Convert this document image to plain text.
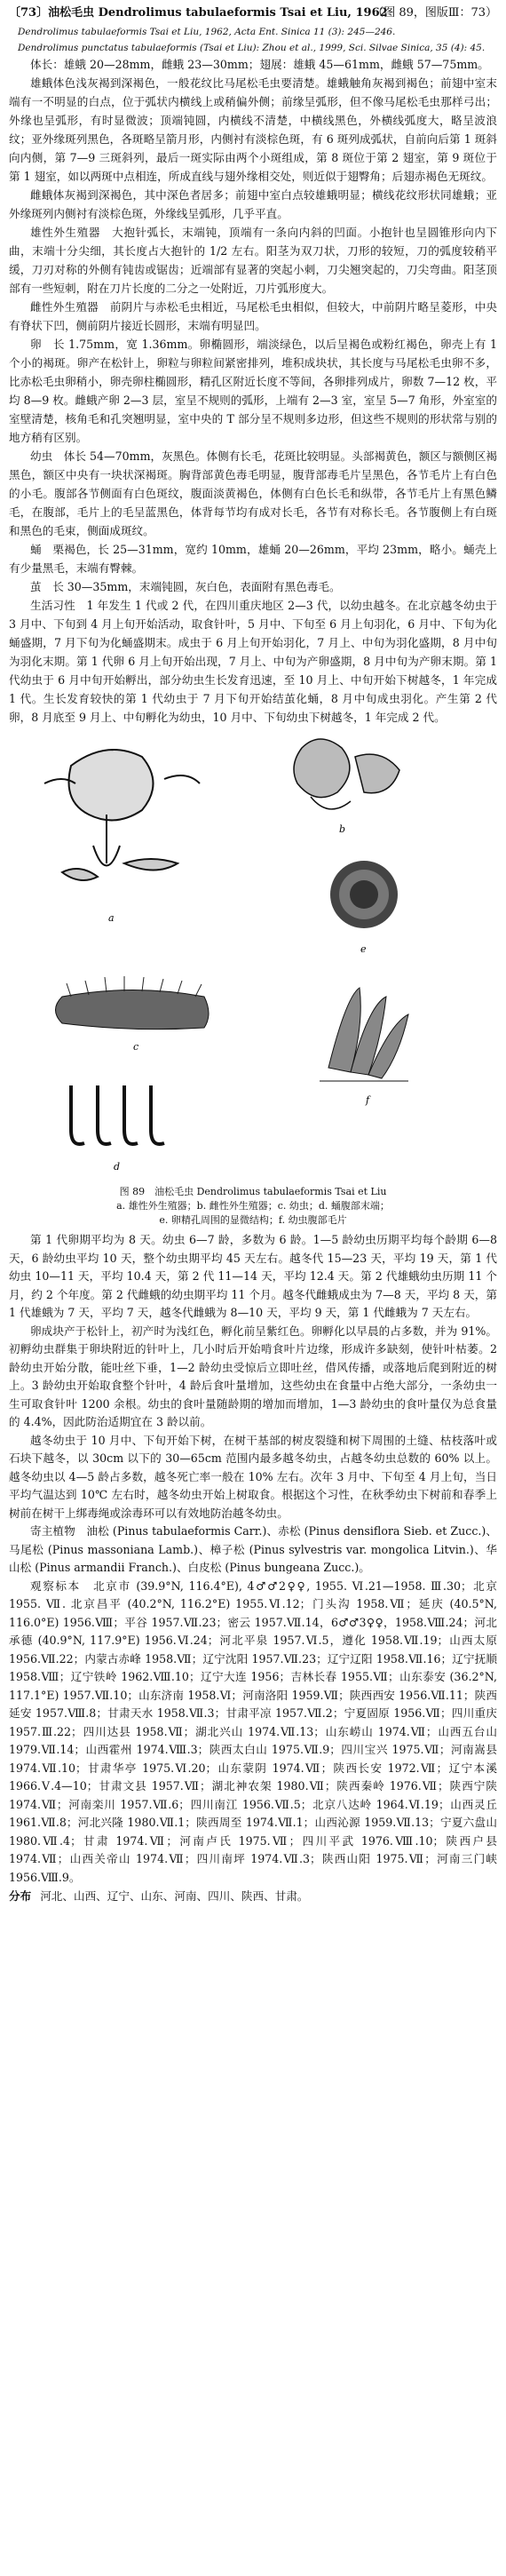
〔73〕油松毛虫 Dendrolimus tabulaeformis Tsai et Liu, 1962
（图 89，图版Ⅲ：73）

Dendrolimus tabulaeformis Tsai et Liu, 1962, Acta Ent. Sinica 11 (3): 245—246.

Dendrolimus punctatus tabulaeformis (Tsai et Liu): Zhou et al., 1999, Sci. Silvae Sinica, 35 (4): 45.

体长：雄蛾 20—28mm，雌蛾 23—30mm；翅展：雄蛾 45—61mm，雌蛾 57—75mm。

雄蛾体色浅灰褐到深褐色，一般花纹比马尾松毛虫要清楚。雄蛾触角灰褐到褐色；前翅中室末端有一不明显的白点，位于弧状内横线上或稍偏外侧；前缘呈弧形，但不像马尾松毛虫那样弓出；外缘也呈弧形，有时显微波；顶端钝圆，内横线不清楚，中横线黑色，外横线弧度大，略呈波浪纹；亚外缘斑列黑色，各斑略呈箭月形，内侧衬有淡棕色斑，有 6 斑列成弧状，自前向后第 1 斑斜向内侧，第 7—9 三斑斜列，最后一斑实际由两个小斑组成，第 8 斑位于第 2 翅室，第 9 斑位于第 1 翅室，如以两斑中点相连，所成直线与翅外缘相交处，则近似于翅臀角；后翅赤褐色无斑纹。

雌蛾体灰褐到深褐色，其中深色者居多；前翅中室白点较雄蛾明显；横线花纹形状同雄蛾；亚外缘斑列内侧衬有淡棕色斑，外缘线呈弧形，几乎平直。

雄性外生殖器　大抱针弧长，末端钝，顶端有一条向内斜的凹面。小抱针也呈圆锥形向内下曲，末端十分尖细，其长度占大抱针的 1/2 左右。阳茎为双刀状，刀形的较短，刀的弧度较稍平缓，刀刃对称的外侧有钝齿或锯齿；近端部有显著的突起小刺，刀尖翘突起的，刀尖弯曲。阳茎顶部有一些短刺，附在刀片长度的二分之一处附近，刀片弧形度大。

雌性外生殖器　前阴片与赤松毛虫相近，马尾松毛虫相似，但较大，中前阴片略呈菱形，中央有脊状下凹，侧前阴片接近长圆形，末端有明显凹。

卵　长 1.75mm，宽 1.36mm。卵椭圆形，端淡绿色，以后呈褐色或粉红褐色，卵壳上有 1 个小的褐斑。卵产在松针上，卵粒与卵粒间紧密排列，堆积成块状，其长度与马尾松毛虫卵不多，比赤松毛虫卵稍小，卵壳卵柱椭圆形，精孔区附近长度不等间，各卵排列成片，卵数 7—12 枚，平均 8—9 枚。雌蛾产卵 2—3 层，室呈不规则的弧形，上端有 2—3 室，室呈 5—7 角形，外室室的室壁清楚，核角毛和孔突翘明显，室中央的 T 部分呈不规则多边形，但这些不规则的形状常与别的地方稍有区别。

幼虫　体长 54—70mm，灰黑色。体侧有长毛，花斑比较明显。头部褐黄色，额区与额侧区褐黑色，额区中央有一块状深褐斑。胸背部黄色毒毛明显，腹背部毒毛片呈黑色，各节毛片上有白色的小毛。腹部各节侧面有白色斑纹，腹面淡黄褐色，体侧有白色长毛和纵带，各节毛片上有黑色鳞毛，在腹部，毛片上的毛呈蓝黑色，体背每节均有成对长毛，各节有对称长毛。各节腹侧上有白斑和黑色的毛束，侧面成斑纹。

蛹　栗褐色，长 25—31mm，宽约 10mm，雄蛹 20—26mm，平均 23mm，略小。蛹壳上有少量黑毛，末端有臀棘。

茧　长 30—35mm，末端钝圆，灰白色，表面附有黑色毒毛。

生活习性　1 年发生 1 代或 2 代，在四川重庆地区 2—3 代，以幼虫越冬。在北京越冬幼虫于 3 月中、下旬到 4 月上旬开始活动，取食针叶，5 月中、下旬至 6 月上旬羽化，6 月中、下旬为化蛹盛期，7 月下旬为化蛹盛期末。成虫于 6 月上旬开始羽化，7 月上、中旬为羽化盛期，8 月中旬为羽化末期。第 1 代卵 6 月上旬开始出现，7 月上、中旬为产卵盛期，8 月中旬为产卵末期。第 1 代幼虫于 6 月中旬开始孵出，部分幼虫生长发育迅速，至 10 月上、中旬开始下树越冬，1 年完成 1 代。生长发育较快的第 1 代幼虫于 7 月下旬开始结茧化蛹，8 月中旬成虫羽化。产生第 2 代卵，8 月底至 9 月上、中旬孵化为幼虫，10 月中、下旬幼虫下树越冬，1 年完成 2 代。

a
b
e
c
f
d
图 89　油松毛虫 Dendrolimus tabulaeformis Tsai et Liu
a. 雄性外生殖器；b. 雌性外生殖器；c. 幼虫；d. 蛹腹部末端；
e. 卵精孔周围的显微结构；f. 幼虫腹部毛片

第 1 代卵期平均为 8 天。幼虫 6—7 龄，多数为 6 龄。1—5 龄幼虫历期平均每个龄期 6—8 天，6 龄幼虫平均 10 天，整个幼虫期平均 45 天左右。越冬代 15—23 天，平均 19 天，第 1 代幼虫 10—11 天，平均 10.4 天，第 2 代 11—14 天，平均 12.4 天。第 2 代雄蛾幼虫历期 11 个月，约 2 个年度。第 2 代雌蛾的幼虫期平均 11 个月。越冬代雌蛾成虫为 7—8 天，平均 8 天，第 1 代雄蛾为 7 天，平均 7 天，越冬代雌蛾为 8—10 天，平均 9 天，第 1 代雌蛾为 7 天左右。

卵成块产于松针上，初产时为浅红色，孵化前呈紫红色。卵孵化以早晨的占多数，并为 91%。初孵幼虫群集于卵块附近的针叶上，几小时后开始啃食叶片边缘，形成许多缺刻，使针叶枯萎。2 龄幼虫开始分散，能吐丝下垂，1—2 龄幼虫受惊后立即吐丝，借风传播，或落地后爬到附近的树上。3 龄幼虫开始取食整个针叶，4 龄后食叶量增加，这些幼虫在食量中占绝大部分，一条幼虫一生可取食针叶 1200 余根。幼虫的食叶量随龄期的增加而增加，1—3 龄幼虫的食叶量仅为总食量的 4.4%，因此防治适期宜在 3 龄以前。

越冬幼虫于 10 月中、下旬开始下树，在树干基部的树皮裂缝和树下周围的土缝、枯枝落叶或石块下越冬，以 30cm 以下的 30—65cm 范围内最多越冬幼虫，占越冬幼虫总数的 60% 以上。越冬幼虫以 4—5 龄占多数，越冬死亡率一般在 10% 左右。次年 3 月中、下旬至 4 月上旬，当日平均气温达到 10℃ 左右时，越冬幼虫开始上树取食。根据这个习性，在秋季幼虫下树前和春季上树前在树干上绑毒绳或涂毒环可以有效地防治越冬幼虫。

寄主植物　油松 (Pinus tabulaeformis Carr.)、赤松 (Pinus densiflora Sieb. et Zucc.)、马尾松 (Pinus massoniana Lamb.)、樟子松 (Pinus sylvestris var. mongolica Litvin.)、华山松 (Pinus armandii Franch.)、白皮松 (Pinus bungeana Zucc.)。

观察标本　北京市 (39.9°N, 116.4°E), 4♂♂2♀♀, 1955. Ⅵ.21—1958. Ⅲ.30；北京 1955. Ⅶ. 北京昌平 (40.2°N, 116.2°E) 1955.Ⅵ.12；门头沟 1958.Ⅶ；延庆 (40.5°N, 116.0°E) 1956.Ⅷ；平谷 1957.Ⅶ.23；密云 1957.Ⅶ.14，6♂♂3♀♀，1958.Ⅷ.24；河北承德 (40.9°N, 117.9°E) 1956.Ⅵ.24；河北平泉 1957.Ⅵ.5，遵化 1958.Ⅶ.19；山西太原 1956.Ⅶ.22；内蒙古赤峰 1958.Ⅶ；辽宁沈阳 1957.Ⅶ.23；辽宁辽阳 1958.Ⅶ.16；辽宁抚顺 1958.Ⅷ；辽宁铁岭 1962.Ⅷ.10；辽宁大连 1956；吉林长春 1955.Ⅶ；山东泰安 (36.2°N, 117.1°E) 1957.Ⅶ.10；山东济南 1958.Ⅵ；河南洛阳 1959.Ⅶ；陕西西安 1956.Ⅶ.11；陕西延安 1957.Ⅷ.8；甘肃天水 1958.Ⅶ.3；甘肃平凉 1957.Ⅶ.2；宁夏固原 1956.Ⅶ；四川重庆 1957.Ⅲ.22；四川达县 1958.Ⅶ；湖北兴山 1974.Ⅶ.13；山东崂山 1974.Ⅶ；山西五台山 1979.Ⅶ.14；山西霍州 1974.Ⅷ.3；陕西太白山 1975.Ⅶ.9；四川宝兴 1975.Ⅶ；河南嵩县 1974.Ⅶ.10；甘肃华亭 1975.Ⅵ.20；山东蒙阴 1974.Ⅶ；陕西长安 1972.Ⅶ；辽宁本溪 1966.Ⅴ.4—10；甘肃文县 1957.Ⅶ；湖北神农架 1980.Ⅶ；陕西秦岭 1976.Ⅶ；陕西宁陕 1974.Ⅶ；河南栾川 1957.Ⅶ.6；四川南江 1956.Ⅶ.5；北京八达岭 1964.Ⅵ.19；山西灵丘 1961.Ⅶ.8；河北兴隆 1980.Ⅶ.1；陕西周至 1974.Ⅶ.1；山西沁源 1959.Ⅶ.13；宁夏六盘山 1980.Ⅶ.4；甘肃 1974.Ⅶ；河南卢氏 1975.Ⅶ；四川平武 1976.Ⅷ.10；陕西户县 1974.Ⅶ；山西关帝山 1974.Ⅶ；四川南坪 1974.Ⅶ.3；陕西山阳 1975.Ⅶ；河南三门峡 1956.Ⅷ.9。

分布 河北、山西、辽宁、山东、河南、四川、陕西、甘肃。
